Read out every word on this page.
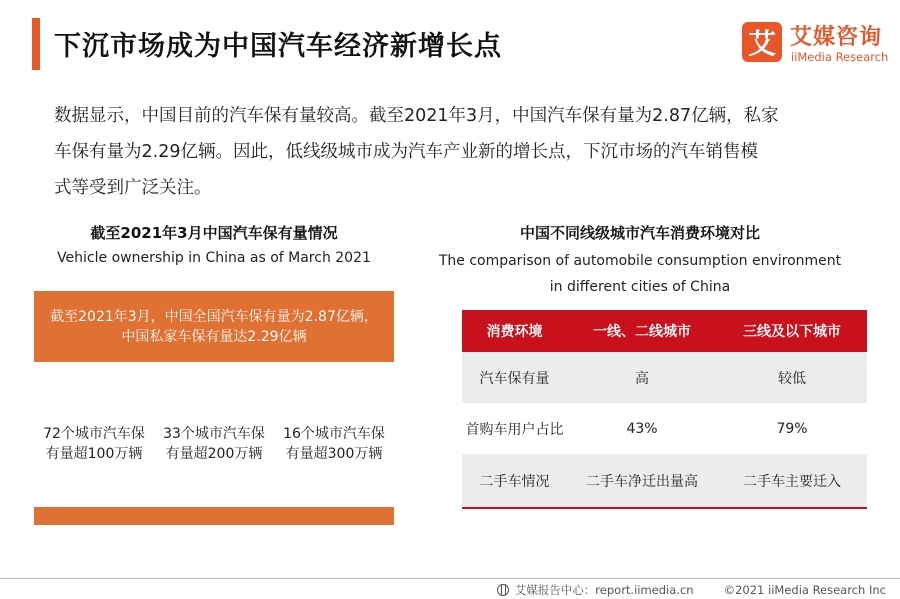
下沉市场成为中国汽车经济新增长点	艾 艾媒咨询
iiMedia Research
数据显示，中国目前的汽车保有量较高。截至2021年3月，中国汽车保有量为2.87亿辆，私家
车保有量为2.29亿辆。因此，低线级城市成为汽车产业新的增长点，下沉市场的汽车销售模
式等受到广泛关注。
截至2021年3月中国汽车保有量情况
Vehicle ownership in China as of March 2021
截至2021年3月，中国全国汽车保有量为2.87亿辆，
中国私家车保有量达2.29亿辆
72个城市汽车保
有量超100万辆
33个城市汽车保
有量超200万辆
16个城市汽车保
有量超300万辆
中国不同线级城市汽车消费环境对比
The comparison of automobile consumption environment
in different cities of China
消费环境	一线、二线城市	三线及以下城市
汽车保有量	高	较低
首购车用户占比	43%	79%
二手车情况	二手车净迁出量高	二手车主要迁入
艾媒报告中心：report.iimedia.cn	©2021 iiMedia Research Inc
